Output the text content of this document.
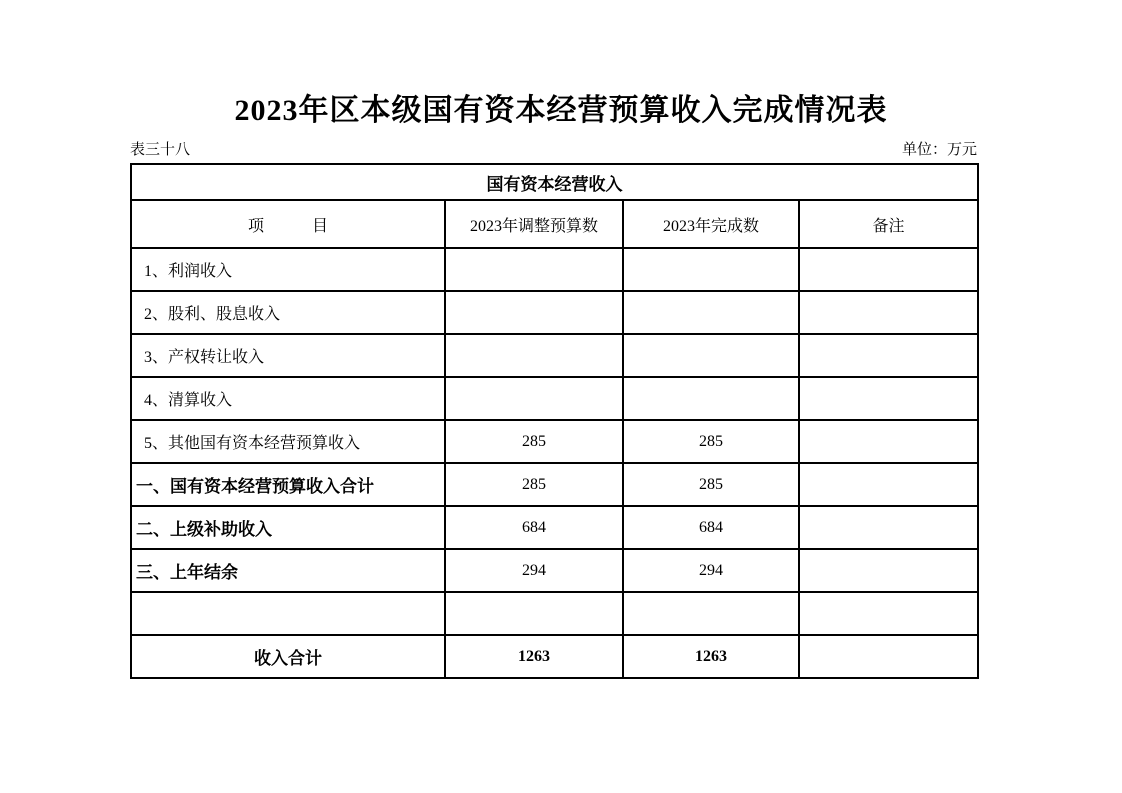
2023年区本级国有资本经营预算收入完成情况表
表三十八	单位：万元
国有资本经营收入			
项　　　目	2023年调整预算数	2023年完成数	备注
1、利润收入			
2、股利、股息收入			
3、产权转让收入			
4、清算收入			
5、其他国有资本经营预算收入	285	285	
一、国有资本经营预算收入合计	285	285	
二、上级补助收入	684	684	
三、上年结余	294	294	

收入合计	1263	1263	
